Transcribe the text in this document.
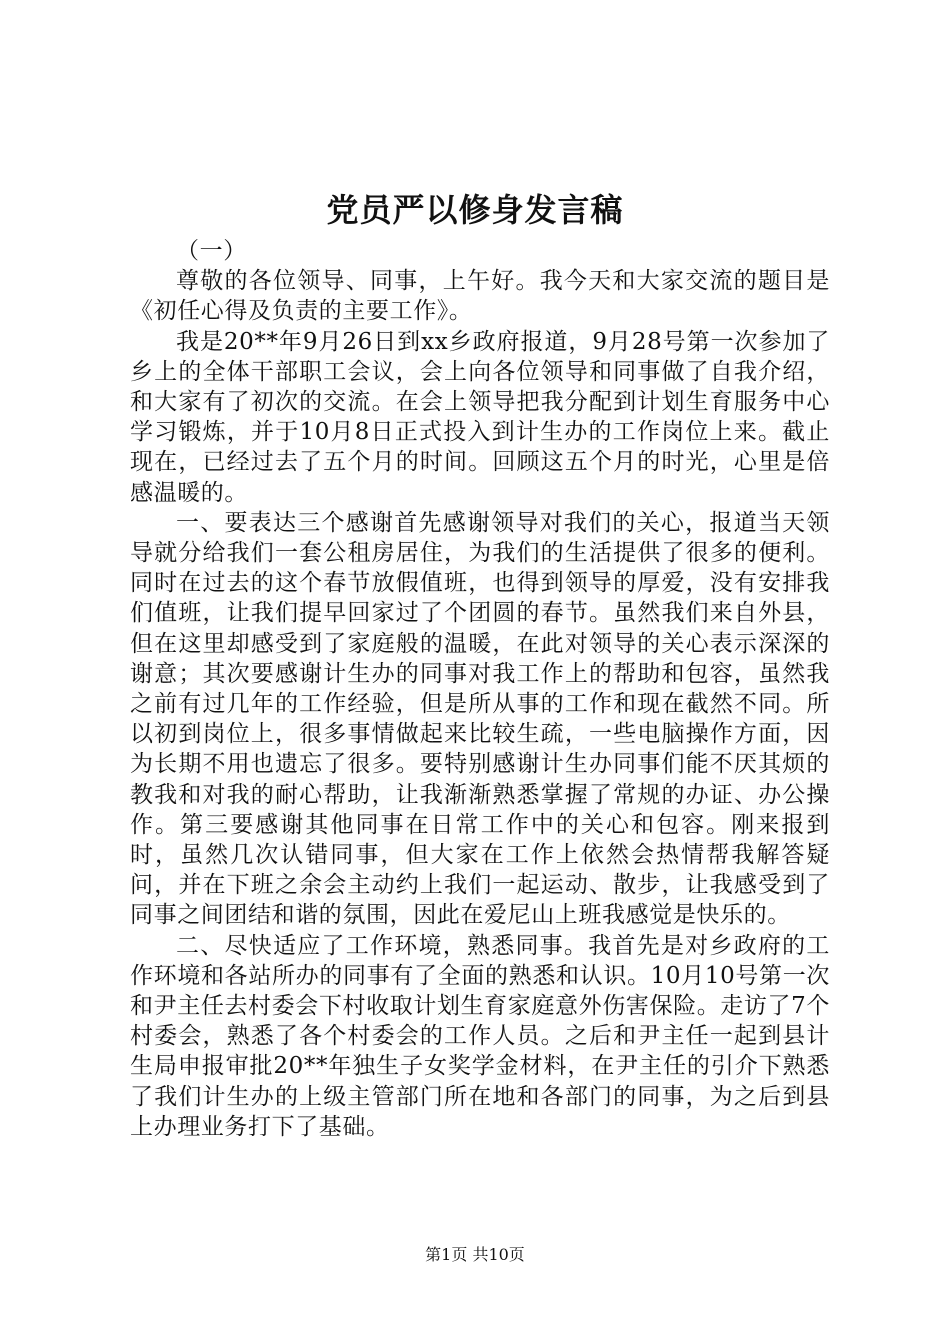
党员严以修身发言稿

（一）

尊敬的各位领导、同事，上午好。我今天和大家交流的题目是《初任心得及负责的主要工作》。

我是20**年9月26日到xx乡政府报道，9月28号第一次参加了乡上的全体干部职工会议，会上向各位领导和同事做了自我介绍，和大家有了初次的交流。在会上领导把我分配到计划生育服务中心学习锻炼，并于10月8日正式投入到计生办的工作岗位上来。截止现在，已经过去了五个月的时间。回顾这五个月的时光，心里是倍感温暖的。

一、要表达三个感谢首先感谢领导对我们的关心，报道当天领导就分给我们一套公租房居住，为我们的生活提供了很多的便利。同时在过去的这个春节放假值班，也得到领导的厚爱，没有安排我们值班，让我们提早回家过了个团圆的春节。虽然我们来自外县，但在这里却感受到了家庭般的温暖，在此对领导的关心表示深深的谢意；其次要感谢计生办的同事对我工作上的帮助和包容，虽然我之前有过几年的工作经验，但是所从事的工作和现在截然不同。所以初到岗位上，很多事情做起来比较生疏，一些电脑操作方面，因为长期不用也遗忘了很多。要特别感谢计生办同事们能不厌其烦的教我和对我的耐心帮助，让我渐渐熟悉掌握了常规的办证、办公操作。第三要感谢其他同事在日常工作中的关心和包容。刚来报到时，虽然几次认错同事，但大家在工作上依然会热情帮我解答疑问，并在下班之余会主动约上我们一起运动、散步，让我感受到了同事之间团结和谐的氛围，因此在爱尼山上班我感觉是快乐的。

二、尽快适应了工作环境，熟悉同事。我首先是对乡政府的工作环境和各站所办的同事有了全面的熟悉和认识。10月10号第一次和尹主任去村委会下村收取计划生育家庭意外伤害保险。走访了7个村委会，熟悉了各个村委会的工作人员。之后和尹主任一起到县计生局申报审批20**年独生子女奖学金材料，在尹主任的引介下熟悉了我们计生办的上级主管部门所在地和各部门的同事，为之后到县上办理业务打下了基础。

第1页 共10页
